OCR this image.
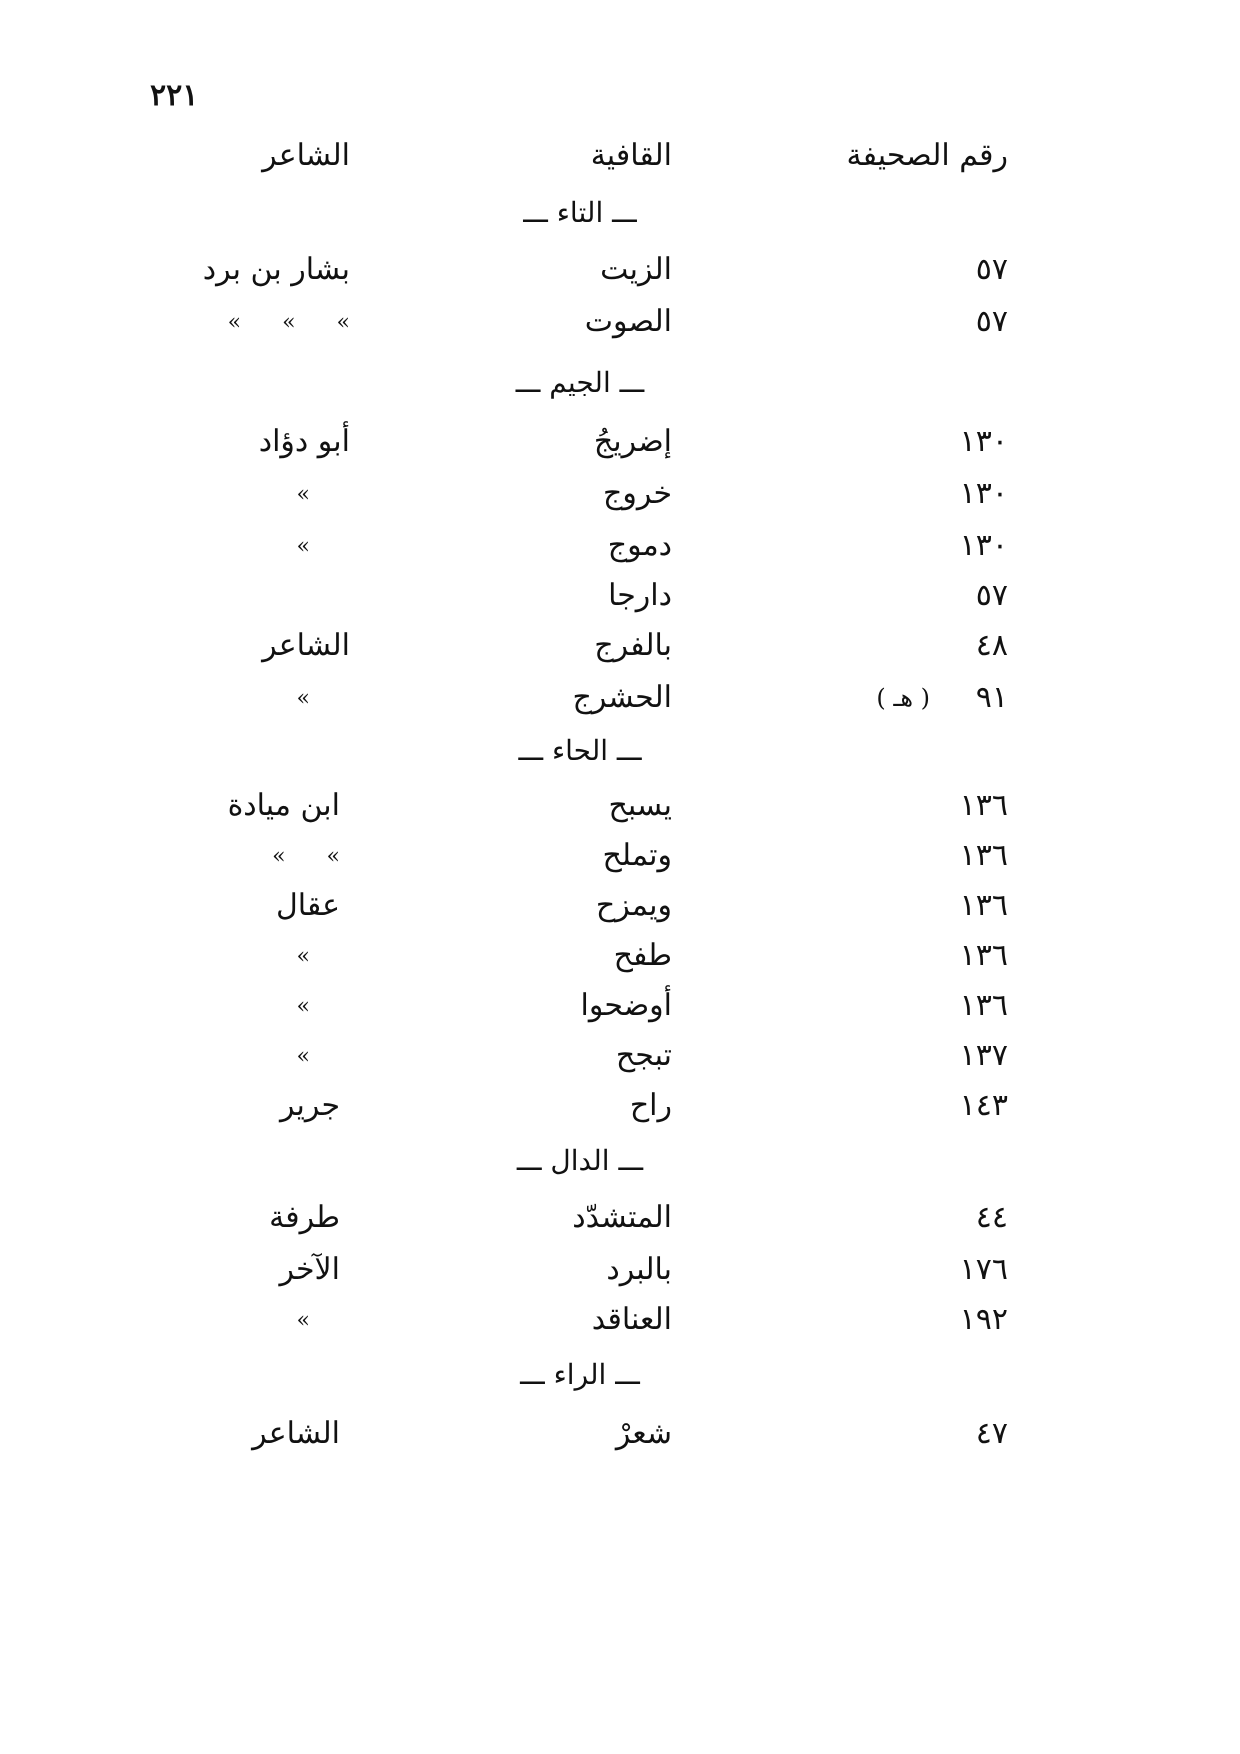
٢٢١
رقم الصحيفة
القافية
الشاعر
ـــ التاء ـــ
٥٧
الزيت
بشار بن برد
٥٧
الصوت
» » »
ـــ الجيم ـــ
١٣٠
إضريجُ
أبو دؤاد
١٣٠
خروج
»
١٣٠
دموج
»
٥٧
دارجا
٤٨
بالفرج
الشاعر
٩١
( هـ )
الحشرج
»
ـــ الحاء ـــ
١٣٦
يسبح
ابن ميادة
١٣٦
وتملح
» »
١٣٦
ويمزح
عقال
١٣٦
طفح
»
١٣٦
أوضحوا
»
١٣٧
تبجح
»
١٤٣
راح
جرير
ـــ الدال ـــ
٤٤
المتشدّد
طرفة
١٧٦
بالبرد
الآخر
١٩٢
العناقد
»
ـــ الراء ـــ
٤٧
شعرْ
الشاعر
